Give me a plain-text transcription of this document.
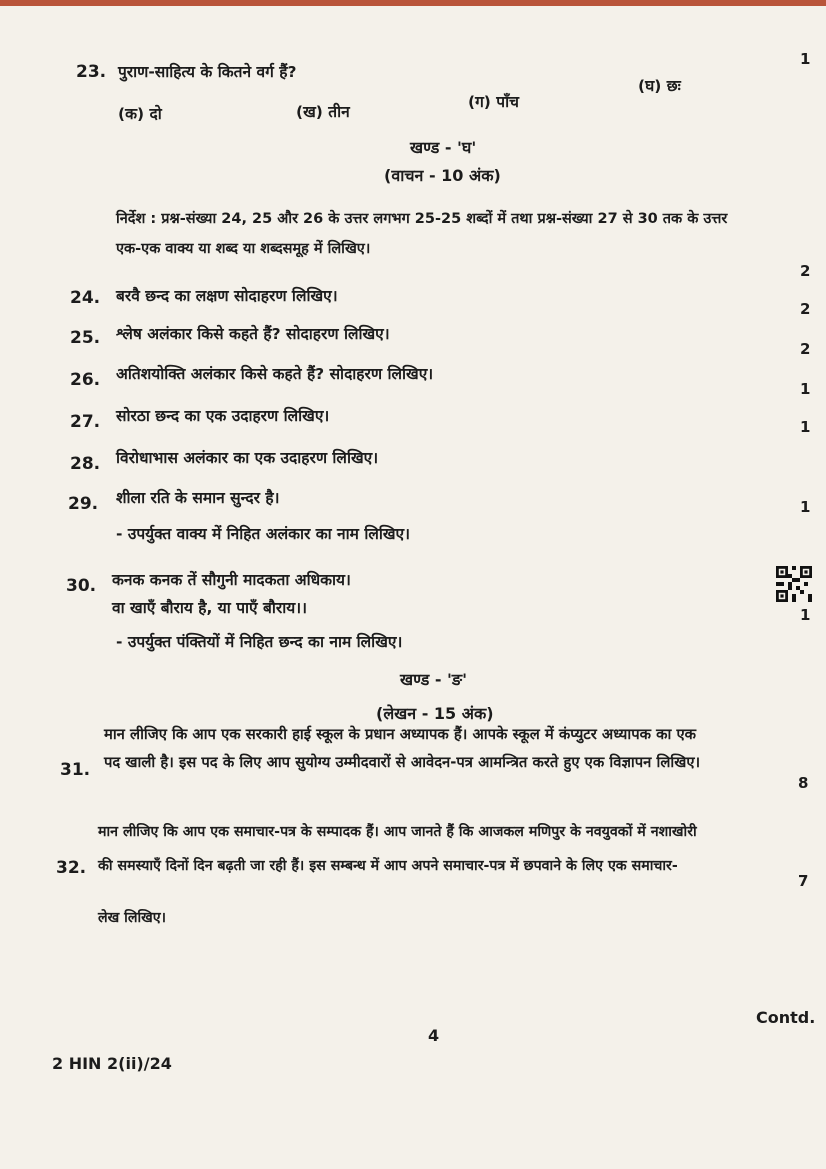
23. पुराण-साहित्य के कितने वर्ग हैं?
1
(क) दो	(ख) तीन
(ग) पाँच
(घ) छः
खण्ड - 'घ'
(वाचन - 10 अंक)
निर्देश : प्रश्न-संख्या 24, 25 और 26 के उत्तर लगभग 25-25 शब्दों में तथा प्रश्न-संख्या 27 से 30 तक के उत्तर
एक-एक वाक्य या शब्द या शब्दसमूह में लिखिए।
24. बरवै छन्द का लक्षण सोदाहरण लिखिए।
2
25. श्लेष अलंकार किसे कहते हैं? सोदाहरण लिखिए।
2
26. अतिशयोक्ति अलंकार किसे कहते हैं? सोदाहरण लिखिए।
2
27. सोरठा छन्द का एक उदाहरण लिखिए।
1
28. विरोधाभास अलंकार का एक उदाहरण लिखिए।
1
29. शीला रति के समान सुन्दर है।
- उपर्युक्त वाक्य में निहित अलंकार का नाम लिखिए।
1
30. कनक कनक तें सौगुनी मादकता अधिकाय।
वा खाएँ बौराय है, या पाएँ बौराय।।
- उपर्युक्त पंक्तियों में निहित छन्द का नाम लिखिए।
1
खण्ड - 'ङ'
(लेखन - 15 अंक)
31.
मान लीजिए कि आप एक सरकारी हाई स्कूल के प्रधान अध्यापक हैं। आपके स्कूल में कंप्युटर अध्यापक का एक
पद खाली है। इस पद के लिए आप सुयोग्य उम्मीदवारों से आवेदन-पत्र आमन्त्रित करते हुए एक विज्ञापन लिखिए।
8
32.
मान लीजिए कि आप एक समाचार-पत्र के सम्पादक हैं। आप जानते हैं कि आजकल मणिपुर के नवयुवकों में नशाखोरी
की समस्याएँ दिनों दिन बढ़ती जा रही हैं। इस सम्बन्ध में आप अपने समाचार-पत्र में छपवाने के लिए एक समाचार-
लेख लिखिए।
7
Contd.
4
2 HIN 2(ii)/24
